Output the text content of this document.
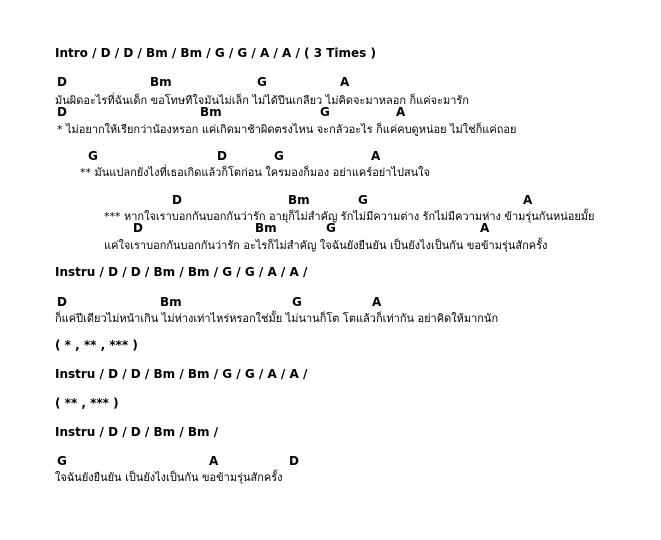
Intro / D / D / Bm / Bm / G / G / A / A / ( 3 Times )
D	Bm	G	A
มันผิดอะไรที่ฉันเด็ก ขอโทษทีใจมันไม่เล็ก ไม่ได้ปีนเกลียว ไม่คิดจะมาหลอก ก็แค่จะมารัก
D	Bm	G	A
* ไม่อยากให้เรียกว่าน้องหรอก แค่เกิดมาช้าผิดตรงไหน จะกลัวอะไร ก็แค่คบดูหน่อย ไม่ใช่ก็แค่ถอย
G	D	G	A
** มันแปลกยังไงที่เธอเกิดแล้วก็โตก่อน ใครมองก็มอง อย่าแคร์อย่าไปสนใจ
D	Bm	G	A
*** หากใจเราบอกกันบอกกันว่ารัก อายุก็ไม่สำคัญ รักไม่มีความต่าง รักไม่มีความห่าง ข้ามรุ่นกันหน่อยมั้ย
D	Bm	G	A
แค่ใจเราบอกกันบอกกันว่ารัก อะไรก็ไม่สำคัญ ใจฉันยังยืนยัน เป็นยังไงเป็นกัน ขอข้ามรุ่นสักครั้ง
Instru / D / D / Bm / Bm / G / G / A / A /
D	Bm	G	A
ก็แค่ปีเดียวไม่หน้าเกิน ไม่ห่างเท่าไหร่หรอกใช่มั้ย ไม่นานก็โต โตแล้วก็เท่ากัน อย่าคิดให้มากนัก
( * , ** , *** )
Instru / D / D / Bm / Bm / G / G / A / A /
( ** , *** )
Instru / D / D / Bm / Bm /
G	A	D
ใจฉันยังยืนยัน เป็นยังไงเป็นกัน ขอข้ามรุ่นสักครั้ง
